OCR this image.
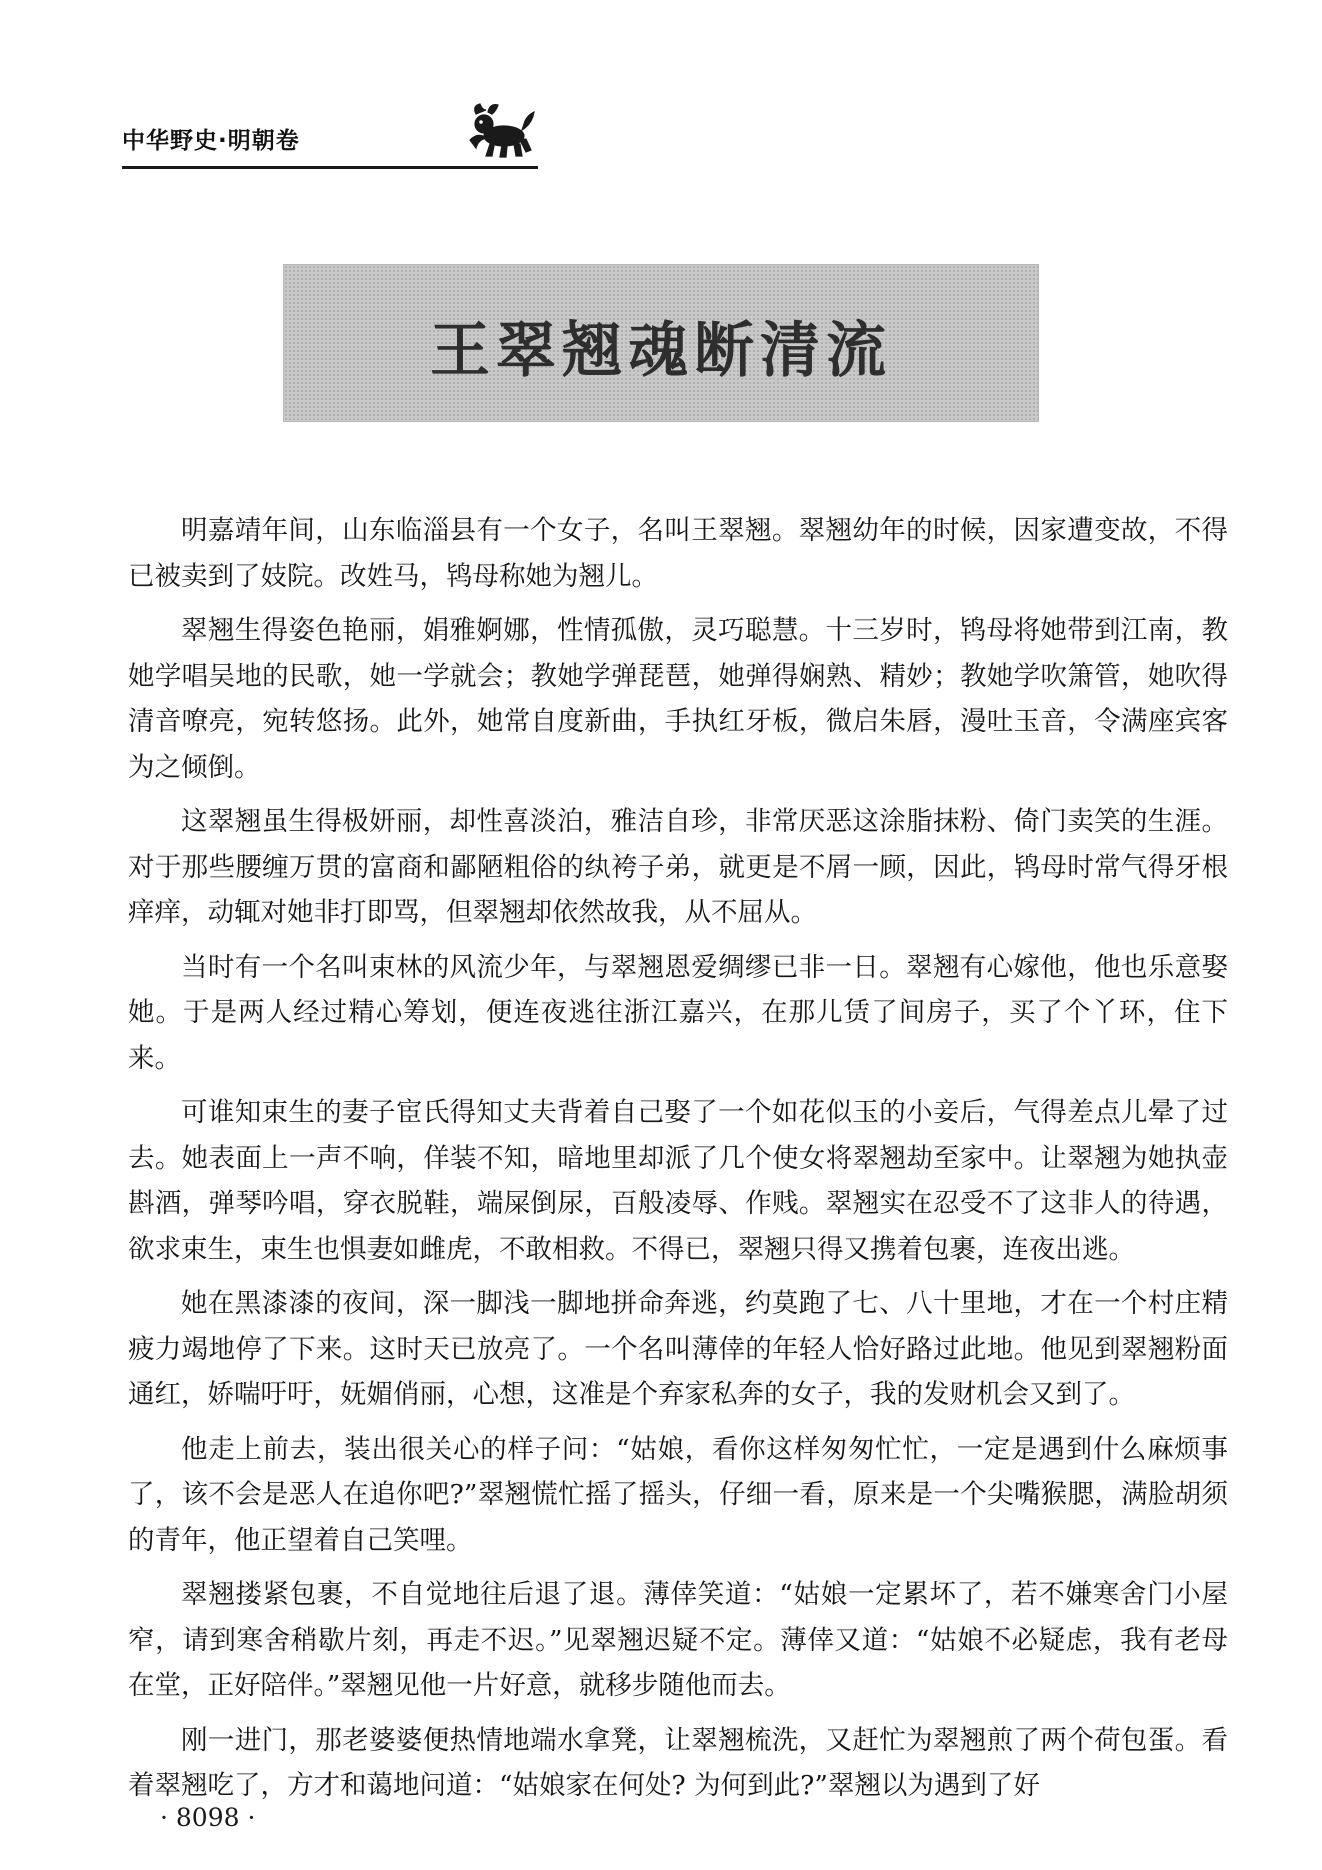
中华野史·明朝卷
王翠翘魂断清流

明嘉靖年间，山东临淄县有一个女子，名叫王翠翘。翠翘幼年的时候，因家遭变故，不得已被卖到了妓院。改姓马，鸨母称她为翘儿。

翠翘生得姿色艳丽，娟雅婀娜，性情孤傲，灵巧聪慧。十三岁时，鸨母将她带到江南，教她学唱吴地的民歌，她一学就会；教她学弹琵琶，她弹得娴熟、精妙；教她学吹箫管，她吹得清音嘹亮，宛转悠扬。此外，她常自度新曲，手执红牙板，微启朱唇，漫吐玉音，令满座宾客为之倾倒。

这翠翘虽生得极妍丽，却性喜淡泊，雅洁自珍，非常厌恶这涂脂抹粉、倚门卖笑的生涯。对于那些腰缠万贯的富商和鄙陋粗俗的纨袴子弟，就更是不屑一顾，因此，鸨母时常气得牙根痒痒，动辄对她非打即骂，但翠翘却依然故我，从不屈从。

当时有一个名叫束林的风流少年，与翠翘恩爱绸缪已非一日。翠翘有心嫁他，他也乐意娶她。于是两人经过精心筹划，便连夜逃往浙江嘉兴，在那儿赁了间房子，买了个丫环，住下来。

可谁知束生的妻子宦氏得知丈夫背着自己娶了一个如花似玉的小妾后，气得差点儿晕了过去。她表面上一声不响，佯装不知，暗地里却派了几个使女将翠翘劫至家中。让翠翘为她执壶斟酒，弹琴吟唱，穿衣脱鞋，端屎倒尿，百般凌辱、作贱。翠翘实在忍受不了这非人的待遇，欲求束生，束生也惧妻如雌虎，不敢相救。不得已，翠翘只得又携着包裹，连夜出逃。

她在黑漆漆的夜间，深一脚浅一脚地拼命奔逃，约莫跑了七、八十里地，才在一个村庄精疲力竭地停了下来。这时天已放亮了。一个名叫薄倖的年轻人恰好路过此地。他见到翠翘粉面通红，娇喘吁吁，妩媚俏丽，心想，这准是个弃家私奔的女子，我的发财机会又到了。

他走上前去，装出很关心的样子问：“姑娘，看你这样匆匆忙忙，一定是遇到什么麻烦事了，该不会是恶人在追你吧?”翠翘慌忙摇了摇头，仔细一看，原来是一个尖嘴猴腮，满脸胡须的青年，他正望着自己笑哩。

翠翘搂紧包裹，不自觉地往后退了退。薄倖笑道：“姑娘一定累坏了，若不嫌寒舍门小屋窄，请到寒舍稍歇片刻，再走不迟。”见翠翘迟疑不定。薄倖又道：“姑娘不必疑虑，我有老母在堂，正好陪伴。”翠翘见他一片好意，就移步随他而去。

刚一进门，那老婆婆便热情地端水拿凳，让翠翘梳洗，又赶忙为翠翘煎了两个荷包蛋。看着翠翘吃了，方才和蔼地问道：“姑娘家在何处? 为何到此?”翠翘以为遇到了好

· 8098 ·
